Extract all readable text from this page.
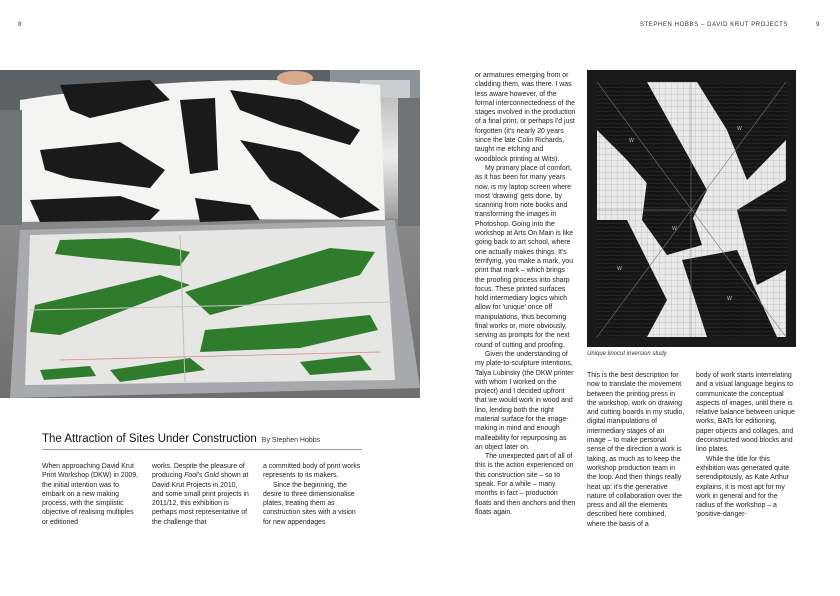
8	STEPHEN HOBBS – DAVID KRUT PROJECTS	9
The Attraction of Sites Under Construction By Stephen Hobbs

When approaching David Krut Print Workshop (DKW) in 2009, the initial intention was to embark on a new making process, with the simplistic objective of realising multiples or editioned

works. Despite the pleasure of producing Fool's Gold shown at David Krut Projects in 2010, and some small print projects in 2011/12, this exhibition is perhaps most representative of the challenge that

a committed body of print works represents to its makers.

Since the beginning, the desire to three dimensionalise plates, treating them as construction sites with a vision for new appendages

or armatures emerging from or cladding them, was there. I was less aware however, of the formal interconnectedness of the stages involved in the production of a final print, or perhaps I'd just forgotten (it's nearly 20 years since the late Colin Richards, taught me etching and woodblock printing at Wits).

My primary place of comfort, as it has been for many years now, is my laptop screen where most 'drawing' gets done, by scanning from note books and transforming the images in Photoshop. Going into the workshop at Arts On Main is like going back to art school, where one actually makes things. It's terrifying, you make a mark, you print that mark – which brings the proofing process into sharp focus. These printed surfaces hold intermediary logics which allow for 'unique' once off manipulations, thus becoming final works or, more obviously, serving as prompts for the next round of cutting and proofing.

Given the understanding of my plate-to-sculpture intentions, Talya Lubinsky (the DKW printer with whom I worked on the project) and I decided upfront that we would work in wood and lino, lending both the right material surface for the image-making in mind and enough malleability for repurposing as an object later on.

The unexpected part of all of this is the action experienced on this construction site – so to speak. For a while – many months in fact – production floats and then anchors and then floats again.

W
W
W
W
W
Unique linocut inversion study

This is the best description for now to translate the movement between the printing press in the workshop, work on drawing and cutting boards in my studio, digital manipulations of intermediary stages of an image – to make personal sense of the direction a work is taking, as much as to keep the workshop production team in the loop. And then things really heat up: it's the generative nature of collaboration over the press and all the elements described here combined, where the basis of a

body of work starts interrelating and a visual language begins to communicate the conceptual aspects of images, until there is relative balance between unique works, BATs for editioning, paper objects and collages, and deconstructed wood blocks and lino plates.

While the title for this exhibition was generated quite serendipitously, as Kate Arthur explains, it is most apt for my work in general and for the radius of the workshop – a 'positive-danger-
